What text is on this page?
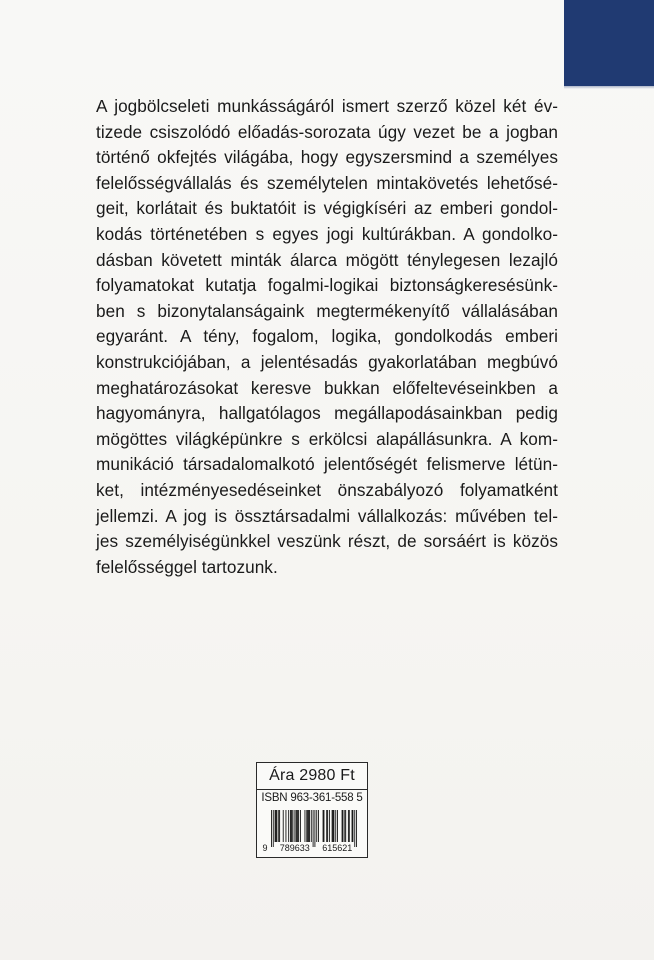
A jogbölcseleti munkásságáról ismert szerző közel két év-
tizede csiszolódó előadás-sorozata úgy vezet be a jogban
történő okfejtés világába, hogy egyszersmind a személyes
felelősségvállalás és személytelen mintakövetés lehetősé-
geit, korlátait és buktatóit is végigkíséri az emberi gondol-
kodás történetében s egyes jogi kultúrákban. A gondolko-
dásban követett minták álarca mögött ténylegesen lezajló
folyamatokat kutatja fogalmi-logikai biztonságkeresésünk-
ben s bizonytalanságaink megtermékenyítő vállalásában
egyaránt. A tény, fogalom, logika, gondolkodás emberi
konstrukciójában, a jelentésadás gyakorlatában megbúvó
meghatározásokat keresve bukkan előfeltevéseinkben a
hagyományra, hallgatólagos megállapodásainkban pedig
mögöttes világképünkre s erkölcsi alapállásunkra. A kom-
munikáció társadalomalkotó jelentőségét felismerve létün-
ket, intézményesedéseinket önszabályozó folyamatként
jellemzi. A jog is össztársadalmi vállalkozás: művében tel-
jes személyiségünkkel veszünk részt, de sorsáért is közös
felelősséggel tartozunk.
Ára 2980 Ft
ISBN 963-361-558 5
9 789633 615621
